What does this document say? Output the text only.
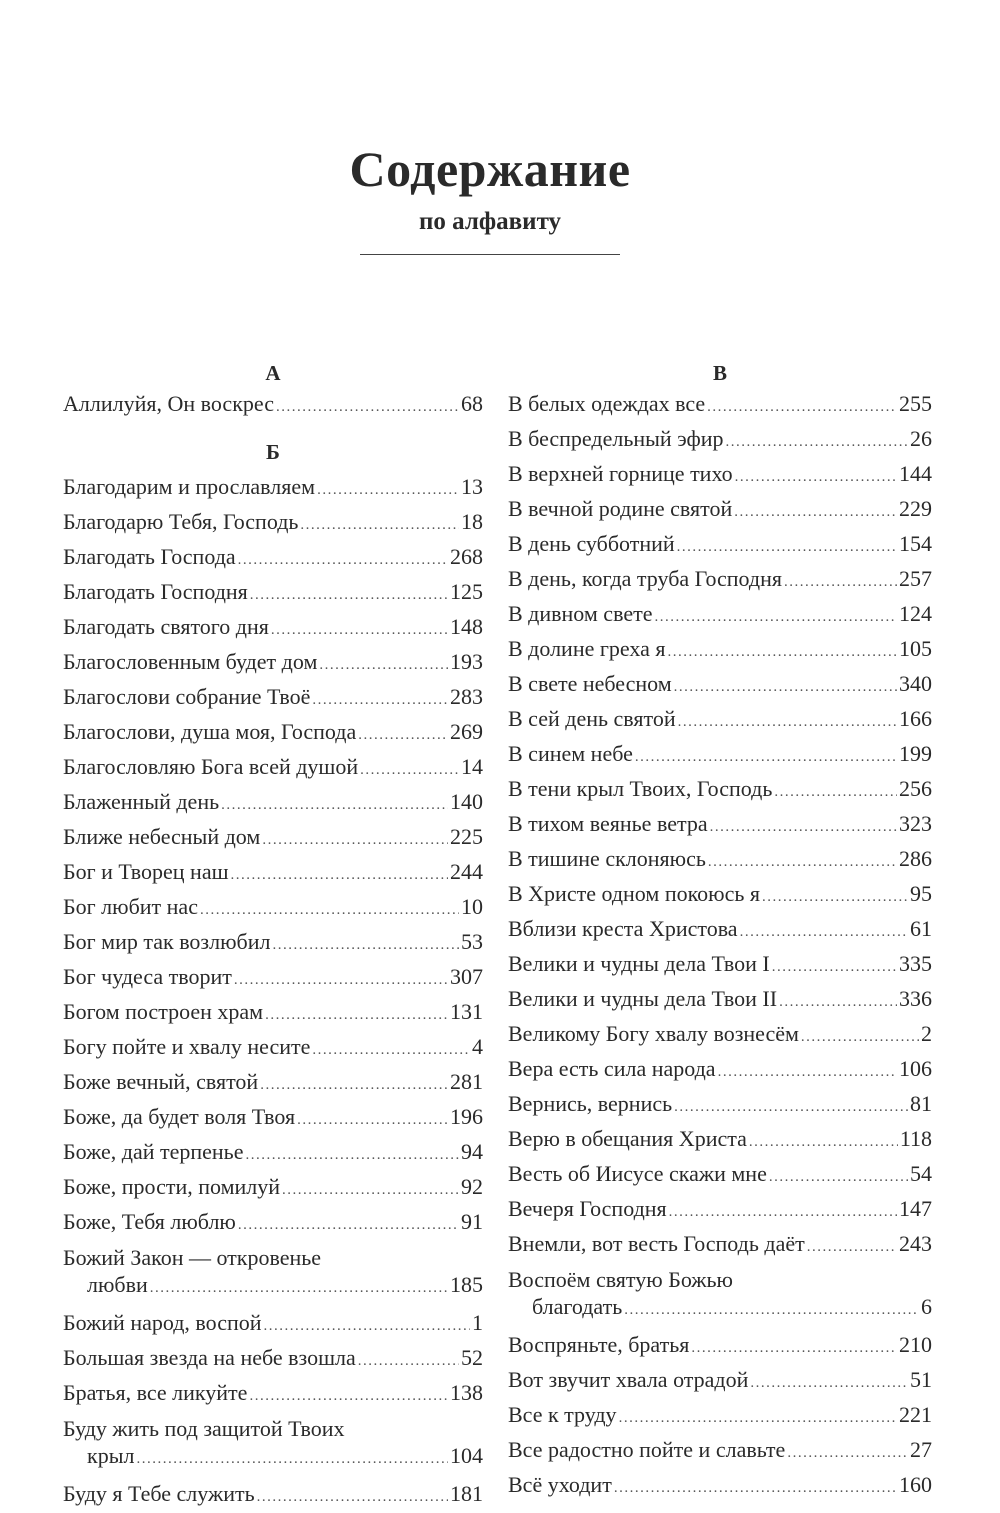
Содержание
по алфавиту
А
Аллилуйя, Он воскрес .....	68
Б
Благодарим и прославляем .....	13
Благодарю Тебя, Господь .....	18
Благодать Господа .....	268
Благодать Господня .....	125
Благодать святого дня .....	148
Благословенным будет дом .....	193
Благослови собрание Твоё .....	283
Благослови, душа моя, Господа .....	269
Благословляю Бога всей душой .....	14
Блаженный день .....	140
Ближе небесный дом .....	225
Бог и Творец наш .....	244
Бог любит нас .....	10
Бог мир так возлюбил .....	53
Бог чудеса творит .....	307
Богом построен храм .....	131
Богу пойте и хвалу несите .....	4
Боже вечный, святой .....	281
Боже, да будет воля Твоя .....	196
Боже, дай терпенье .....	94
Боже, прости, помилуй .....	92
Боже, Тебя люблю .....	91
Божий Закон — откровенье
любви .....	185
Божий народ, воспой .....	1
Большая звезда на небе взошла .....	52
Братья, все ликуйте .....	138
Буду жить под защитой Твоих
крыл .....	104
Буду я Тебе служить .....	181
В
В белых одеждах все .....	255
В беспредельный эфир .....	26
В верхней горнице тихо .....	144
В вечной родине святой .....	229
В день субботний .....	154
В день, когда труба Господня .....	257
В дивном свете .....	124
В долине греха я .....	105
В свете небесном .....	340
В сей день святой .....	166
В синем небе .....	199
В тени крыл Твоих, Господь .....	256
В тихом веянье ветра .....	323
В тишине склоняюсь .....	286
В Христе одном покоюсь я .....	95
Вблизи креста Христова .....	61
Велики и чудны дела Твои I .....	335
Велики и чудны дела Твои II .....	336
Великому Богу хвалу вознесём .....	2
Вера есть сила народа .....	106
Вернись, вернись .....	81
Верю в обещания Христа .....	118
Весть об Иисусе скажи мне .....	54
Вечеря Господня .....	147
Внемли, вот весть Господь даёт .....	243
Воспоём святую Божью
благодать .....	6
Воспряньте, братья .....	210
Вот звучит хвала отрадой .....	51
Все к труду .....	221
Все радостно пойте и славьте .....	27
Всё уходит .....	160
